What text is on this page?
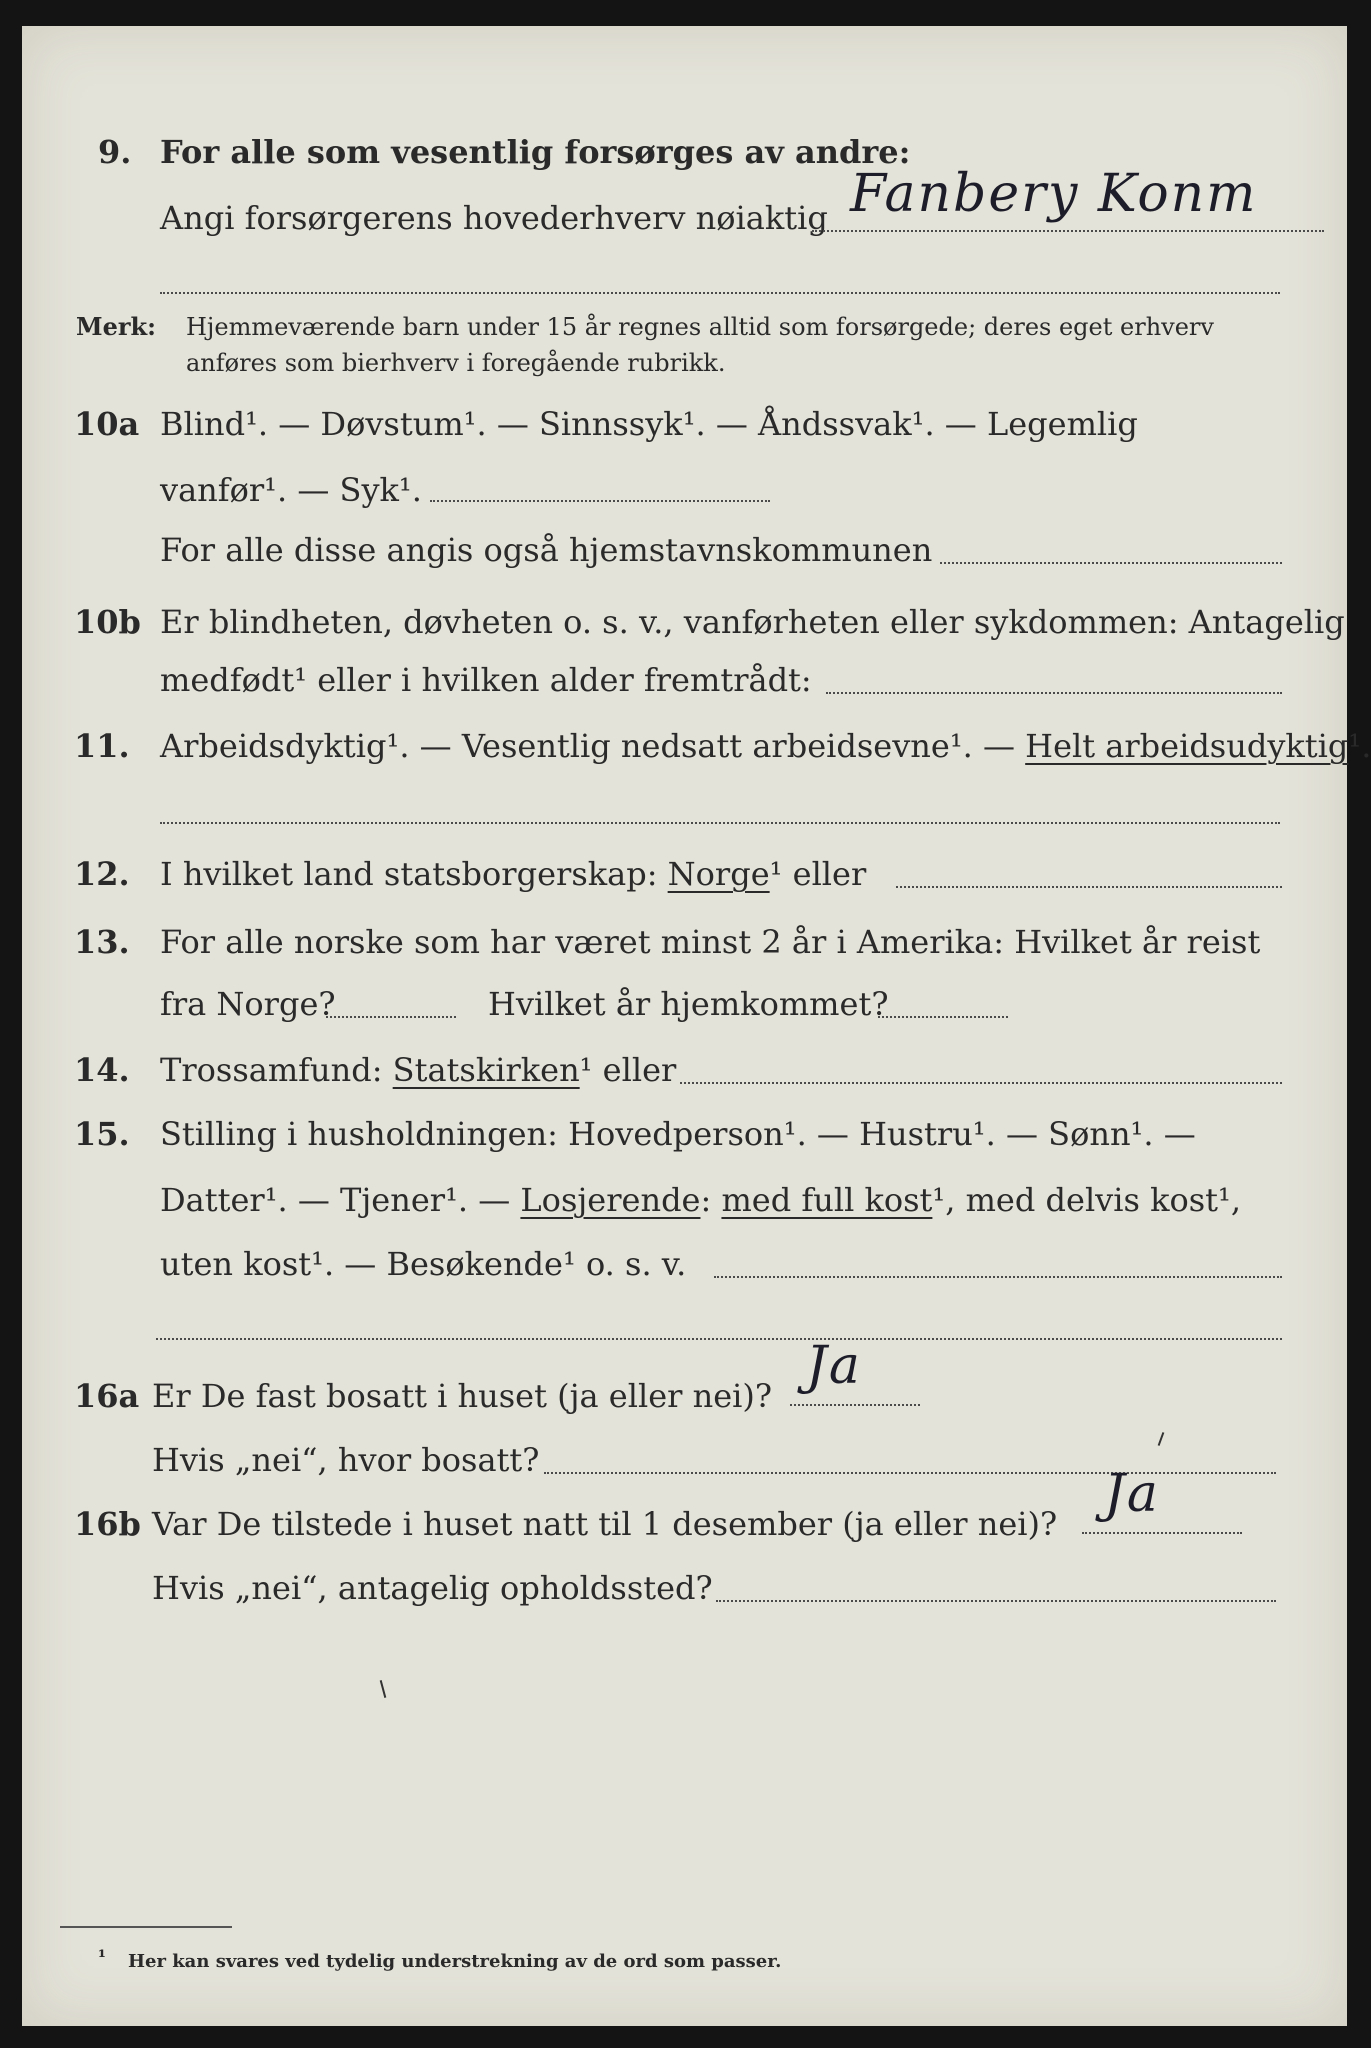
9. For alle som vesentlig forsørges av andre:
Angi forsørgerens hovederhverv nøiaktig Fanbery Konm
Merk: Hjemmeværende barn under 15 år regnes alltid som forsørgede; deres eget erhverv
anføres som bierhverv i foregående rubrikk.
10a Blind¹. — Døvstum¹. — Sinnssyk¹. — Åndssvak¹. — Legemlig
vanfør¹. — Syk¹.
For alle disse angis også hjemstavnskommunen
10b Er blindheten, døvheten o. s. v., vanførheten eller sykdommen: Antagelig
medfødt¹ eller i hvilken alder fremtrådt:
11. Arbeidsdyktig¹. — Vesentlig nedsatt arbeidsevne¹. — Helt arbeidsudyktig¹.
12. I hvilket land statsborgerskap: Norge¹ eller
13. For alle norske som har været minst 2 år i Amerika: Hvilket år reist
fra Norge?	Hvilket år hjemkommet?
14. Trossamfund: Statskirken¹ eller
15. Stilling i husholdningen: Hovedperson¹. — Hustru¹. — Sønn¹. —
Datter¹. — Tjener¹. — Losjerende: med full kost¹, med delvis kost¹,
uten kost¹. — Besøkende¹ o. s. v.
16a Er De fast bosatt i huset (ja eller nei)? Ja
Hvis „nei“, hvor bosatt?
16b Var De tilstede i huset natt til 1 desember (ja eller nei)? Ja
Hvis „nei“, antagelig opholdssted?
¹ Her kan svares ved tydelig understrekning av de ord som passer.
